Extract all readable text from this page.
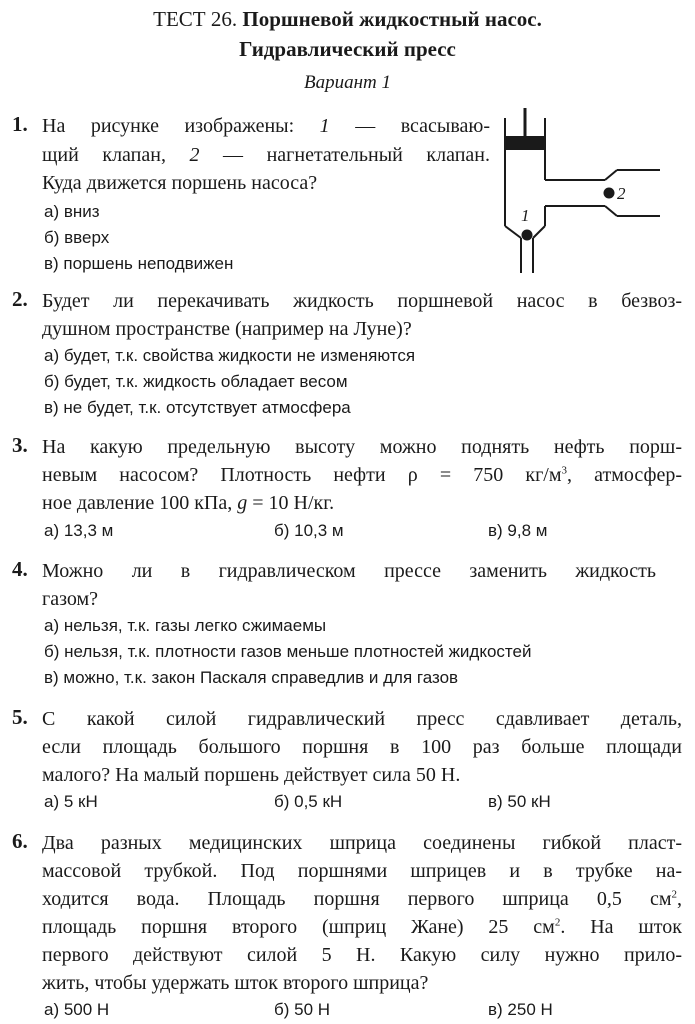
ТЕСТ 26. Поршневой жидкостный насос.
Гидравлический пресс
Вариант 1
1. На рисунке изображены: 1 — всасываю-
щий клапан, 2 — нагнетательный клапан.
Куда движется поршень насоса?
а) вниз
б) вверх
в) поршень неподвижен
1
2
2. Будет ли перекачивать жидкость поршневой насос в безвоз-
душном пространстве (например на Луне)?
а) будет, т.к. свойства жидкости не изменяются
б) будет, т.к. жидкость обладает весом
в) не будет, т.к. отсутствует атмосфера
3. На какую предельную высоту можно поднять нефть порш-
невым насосом? Плотность нефти ρ = 750 $кг/м^3$, атмосфер-
ное давление 100 кПа, g = 10 Н/кг.
а) 13,3 м	б) 10,3 м	в) 9,8 м
4. Можно ли в гидравлическом прессе заменить жидкость
газом?
а) нельзя, т.к. газы легко сжимаемы
б) нельзя, т.к. плотности газов меньше плотностей жидкостей
в) можно, т.к. закон Паскаля справедлив и для газов
5. С какой силой гидравлический пресс сдавливает деталь,
если площадь большого поршня в 100 раз больше площади
малого? На малый поршень действует сила 50 Н.
а) 5 кН	б) 0,5 кН	в) 50 кН
6. Два разных медицинских шприца соединены гибкой пласт-
массовой трубкой. Под поршнями шприцев и в трубке на-
ходится вода. Площадь поршня первого шприца 0,5 $см^2$,
площадь поршня второго (шприц Жане) 25 $см^2$. На шток
первого действуют силой 5 Н. Какую силу нужно прило-
жить, чтобы удержать шток второго шприца?
а) 500 Н	б) 50 Н	в) 250 Н
